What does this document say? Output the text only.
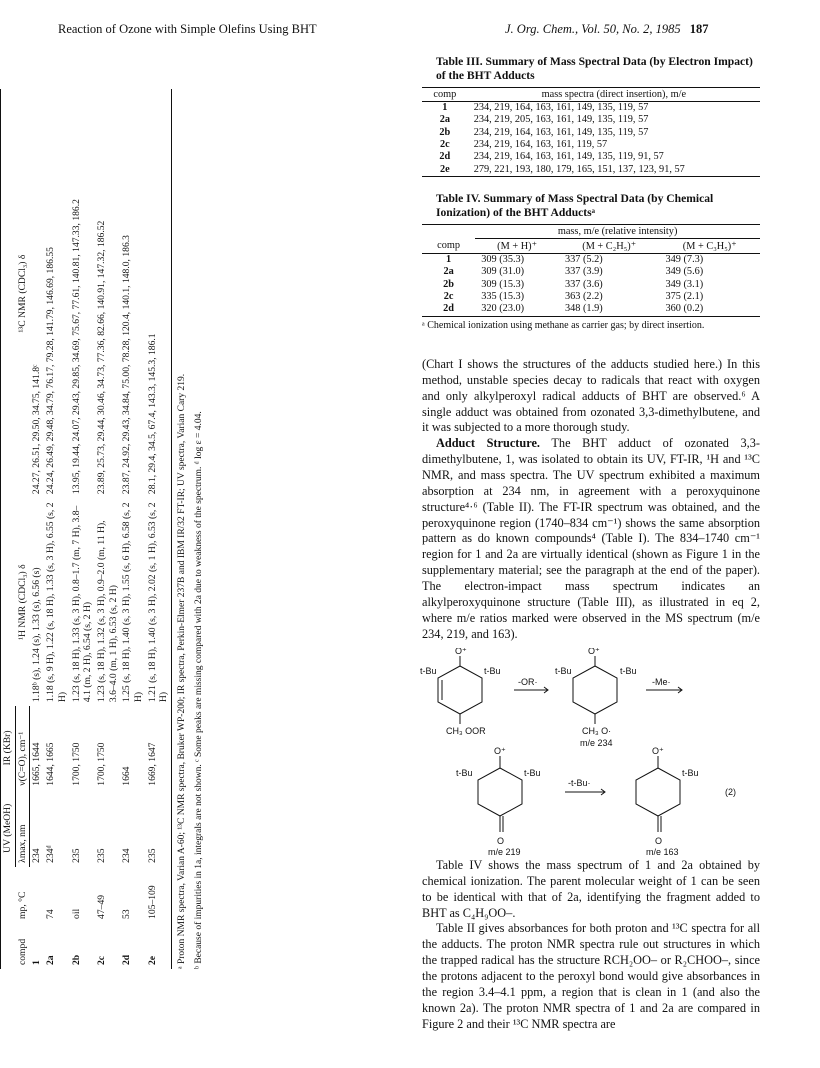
Reaction of Ozone with Simple Olefins Using BHT	J. Org. Chem., Vol. 50, No. 2, 1985 187
compd	mp, °C	UV (MeOH)	IR (KBr)	¹H NMR (CDCl₃) δ	¹³C NMR (CDCl₃) δ
		λmax, nm	ν(C=O), cm⁻¹		
1		234	1665, 1644	1.18ᵇ (s), 1.24 (s), 1.33 (s), 6.56 (s)	24.27, 26.51, 29.50, 34.75, 141.8ᶜ
2a	74	234ᵈ	1644, 1665	1.18 (s, 9 H), 1.22 (s, 18 H), 1.33 (s, 3 H), 6.55 (s, 2 H)	24.24, 26.49, 29.48, 34.79, 76.17, 79.28, 141.79, 146.69, 186.55
2b	oil	235	1700, 1750	1.23 (s, 18 H), 1.33 (s, 3 H), 0.8–1.7 (m, 7 H), 3.8–4.1 (m, 2 H), 6.54 (s, 2 H)	13.95, 19.44, 24.07, 29.43, 29.85, 34.69, 75.67, 77.61, 140.81, 147.33, 186.2
2c	47–49	235	1700, 1750	1.23 (s, 18 H), 1.32 (s, 3 H), 0.9–2.0 (m, 11 H), 3.6–4.0 (m, 1 H), 6.53 (s, 2 H)	23.89, 25.73, 29.44, 30.46, 34.73, 77.36, 82.66, 140.91, 147.32, 186.52
2d	53	234	1664	1.25 (s, 18 H), 1.40 (s, 3 H), 1.55 (s, 6 H), 6.58 (s, 2 H)	23.87, 24.92, 29.43, 34.84, 75.00, 78.28, 120.4, 140.1, 148.0, 186.3
2e	105–109	235	1669, 1647	1.21 (s, 18 H), 1.40 (s, 3 H), 2.02 (s, 1 H), 6.53 (s, 2 H)	28.1, 29.4, 34.5, 67.4, 143.3, 145.3, 186.1 ᵃ Proton NMR spectra, Varian A-60; ¹³C NMR spectra, Bruker WP-200; IR spectra, Perkin-Elmer 237B and IBM IR/32 FT-IR; UV spectra, Varian Cary 219. ᵇ Because of impurities in 1a, integrals are not shown. ᶜ Some peaks are missing compared with 2a due to weakness of the spectrum. ᵈ log ε = 4.04.
Table III. Summary of Mass Spectral Data (by Electron Impact) of the BHT Adducts
comp	mass spectra (direct insertion), m/e
1	234, 219, 164, 163, 161, 149, 135, 119, 57
2a	234, 219, 205, 163, 161, 149, 135, 119, 57
2b	234, 219, 164, 163, 161, 149, 135, 119, 57
2c	234, 219, 164, 163, 161, 119, 57
2d	234, 219, 164, 163, 161, 149, 135, 119, 91, 57
2e	279, 221, 193, 180, 179, 165, 151, 137, 123, 91, 57
Table IV. Summary of Mass Spectral Data (by Chemical Ionization) of the BHT Adductsᵃ
	mass, m/e (relative intensity)		
comp	(M + H)⁺	(M + C₂H₅)⁺	(M + C₃H₅)⁺
1	309 (35.3)	337 (5.2)	349 (7.3)
2a	309 (31.0)	337 (3.9)	349 (5.6)
2b	309 (15.3)	337 (3.6)	349 (3.1)
2c	335 (15.3)	363 (2.2)	375 (2.1)
2d	320 (23.0)	348 (1.9)	360 (0.2)
ᵃ Chemical ionization using methane as carrier gas; by direct insertion.

(Chart I shows the structures of the adducts studied here.) In this method, unstable species decay to radicals that react with oxygen and only alkylperoxyl radical adducts of BHT are observed.⁶ A single adduct was obtained from ozonated 3,3-dimethylbutene, and it was subjected to a more thorough study.

Adduct Structure. The BHT adduct of ozonated 3,3-dimethylbutene, 1, was isolated to obtain its UV, FT-IR, ¹H and ¹³C NMR, and mass spectra. The UV spectrum exhibited a maximum absorption at 234 nm, in agreement with a peroxyquinone structure⁴·⁶ (Table II). The FT-IR spectrum was obtained, and the peroxyquinone region (1740–834 cm⁻¹) shows the same absorption pattern as do known compounds⁴ (Table I). The 834–1740 cm⁻¹ region for 1 and 2a are virtually identical (shown as Figure 1 in the supplementary material; see the paragraph at the end of the paper). The electron-impact mass spectrum indicates an alkylperoxyquinone structure (Table III), as illustrated in eq 2, where m/e ratios marked were observed in the MS spectrum (m/e 234, 219, and 163).

O⁺	O⁺
O⁺	O⁺
O	O
t-Bu	t-Bu	t-Bu	t-Bu
t-Bu	t-Bu	t-Bu
CH₃ OOR	CH₃ O·
-OR·	-Me·
-t-Bu·
m/e 234
m/e 219	m/e 163
(2)

Table IV shows the mass spectrum of 1 and 2a obtained by chemical ionization. The parent molecular weight of 1 can be seen to be identical with that of 2a, identifying the fragment added to BHT as C₄H₉OO–.

Table II gives absorbances for both proton and ¹³C spectra for all the adducts. The proton NMR spectra rule out structures in which the trapped radical has the structure RCH₂OO– or R₂CHOO–, since the protons adjacent to the peroxyl bond would give absorbances in the region 3.4–4.1 ppm, a region that is clean in 1 (and also the known 2a). The proton NMR spectra of 1 and 2a are compared in Figure 2 and their ¹³C NMR spectra are
